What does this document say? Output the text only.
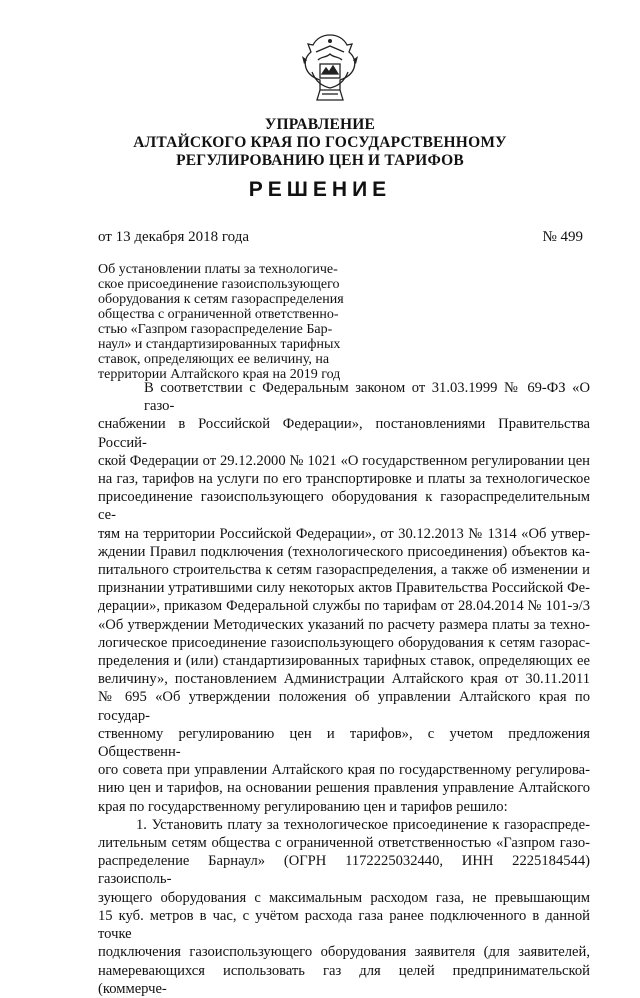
УПРАВЛЕНИЕ
АЛТАЙСКОГО КРАЯ ПО ГОСУДАРСТВЕННОМУ
РЕГУЛИРОВАНИЮ ЦЕН И ТАРИФОВ
РЕШЕНИЕ
от 13 декабря 2018 года	№ 499
Об установлении платы за технологиче-
ское присоединение газоиспользующего
оборудования к сетям газораспределения
общества с ограниченной ответственно-
стью «Газпром газораспределение Бар-
наул» и стандартизированных тарифных
ставок, определяющих ее величину, на
территории Алтайского края на 2019 год
В соответствии с Федеральным законом от 31.03.1999 № 69-ФЗ «О газо-
снабжении в Российской Федерации», постановлениями Правительства Россий-
ской Федерации от 29.12.2000 № 1021 «О государственном регулировании цен
на газ, тарифов на услуги по его транспортировке и платы за технологическое
присоединение газоиспользующего оборудования к газораспределительным се-
тям на территории Российской Федерации», от 30.12.2013 № 1314 «Об утвер-
ждении Правил подключения (технологического присоединения) объектов ка-
питального строительства к сетям газораспределения, а также об изменении и
признании утратившими силу некоторых актов Правительства Российской Фе-
дерации», приказом Федеральной службы по тарифам от 28.04.2014 № 101-э/3
«Об утверждении Методических указаний по расчету размера платы за техно-
логическое присоединение газоиспользующего оборудования к сетям газорас-
пределения и (или) стандартизированных тарифных ставок, определяющих ее
величину», постановлением Администрации Алтайского края от 30.11.2011
№ 695 «Об утверждении положения об управлении Алтайского края по государ-
ственному регулированию цен и тарифов», с учетом предложения Общественн-
ого совета при управлении Алтайского края по государственному регулирова-
нию цен и тарифов, на основании решения правления управление Алтайского
края по государственному регулированию цен и тарифов решило:
1. Установить плату за технологическое присоединение к газораспреде-
лительным сетям общества с ограниченной ответственностью «Газпром газо-
распределение Барнаул» (ОГРН 1172225032440, ИНН 2225184544) газоисполь-
зующего оборудования с максимальным расходом газа, не превышающим
15 куб. метров в час, с учётом расхода газа ранее подключенного в данной точке
подключения газоиспользующего оборудования заявителя (для заявителей,
намеревающихся использовать газ для целей предпринимательской (коммерче-
